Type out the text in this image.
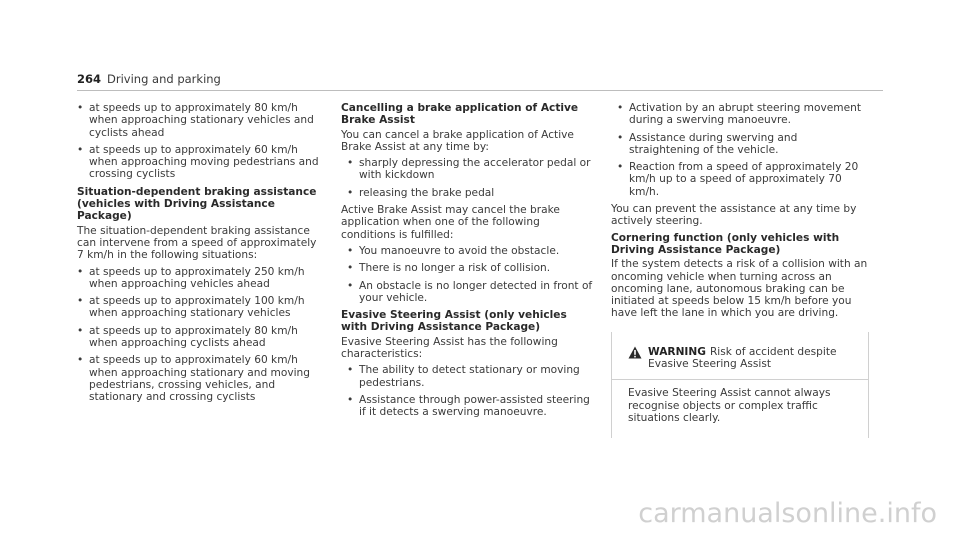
264 Driving and parking
• at speeds up to approximately 80 km/h when approaching stationary vehicles and cyclists ahead
• at speeds up to approximately 60 km/h when approaching moving pedestrians and crossing cyclists
Situation-dependent braking assistance (vehicles with Driving Assistance Package)

The situation-dependent braking assistance can intervene from a speed of approximately 7 km/h in the following situations:

• at speeds up to approximately 250 km/h when approaching vehicles ahead
• at speeds up to approximately 100 km/h when approaching stationary vehicles
• at speeds up to approximately 80 km/h when approaching cyclists ahead
• at speeds up to approximately 60 km/h when approaching stationary and moving pedestrians, crossing vehicles, and stationary and crossing cyclists
Cancelling a brake application of Active Brake Assist

You can cancel a brake application of Active Brake Assist at any time by:

• sharply depressing the accelerator pedal or with kickdown
• releasing the brake pedal

Active Brake Assist may cancel the brake application when one of the following conditions is fulfilled:

• You manoeuvre to avoid the obstacle.
• There is no longer a risk of collision.
• An obstacle is no longer detected in front of your vehicle.
Evasive Steering Assist (only vehicles with Driving Assistance Package)

Evasive Steering Assist has the following characteristics:

• The ability to detect stationary or moving pedestrians.
• Assistance through power-assisted steering if it detects a swerving manoeuvre.
• Activation by an abrupt steering movement during a swerving manoeuvre.
• Assistance during swerving and straightening of the vehicle.
• Reaction from a speed of approximately 20 km/h up to a speed of approximately 70 km/h.

You can prevent the assistance at any time by actively steering.

Cornering function (only vehicles with Driving Assistance Package)

If the system detects a risk of a collision with an oncoming vehicle when turning across an oncoming lane, autonomous braking can be initiated at speeds below 15 km/h before you have left the lane in which you are driving.

WARNING Risk of accident despite Evasive Steering Assist
Evasive Steering Assist cannot always recognise objects or complex traffic situations clearly.
carmanualsonline.info
